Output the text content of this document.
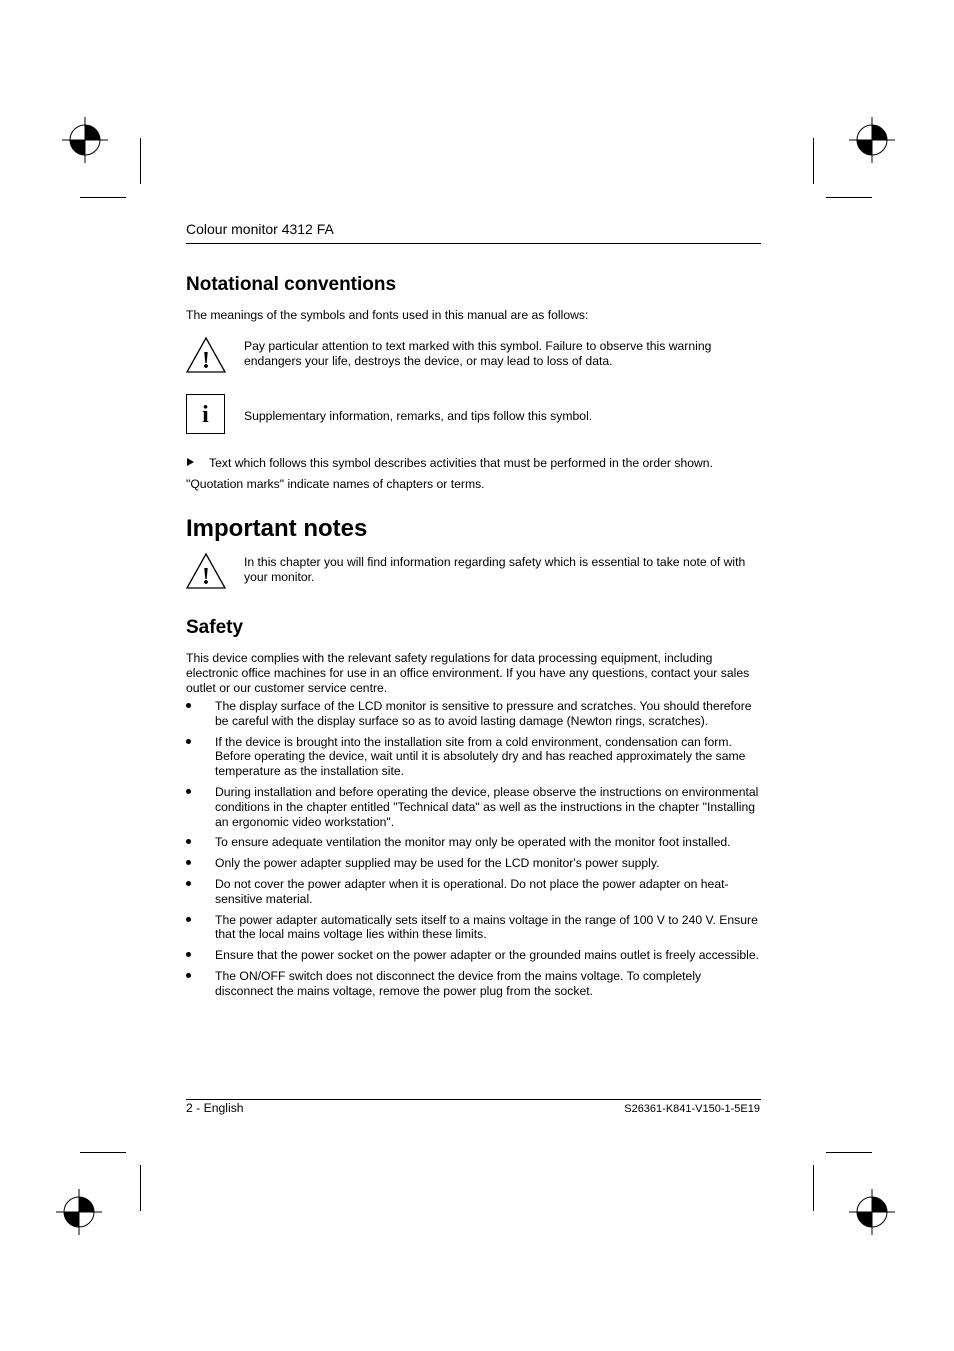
Colour monitor 4312 FA
Notational conventions
The meanings of the symbols and fonts used in this manual are as follows:
!
Pay particular attention to text marked with this symbol. Failure to observe this warning endangers your life, destroys the device, or may lead to loss of data.
i	Supplementary information, remarks, and tips follow this symbol.
Text which follows this symbol describes activities that must be performed in the order shown.
"Quotation marks" indicate names of chapters or terms.
Important notes
!
In this chapter you will find information regarding safety which is essential to take note of with your monitor.
Safety
This device complies with the relevant safety regulations for data processing equipment, including electronic office machines for use in an office environment. If you have any questions, contact your sales outlet or our customer service centre.
The display surface of the LCD monitor is sensitive to pressure and scratches. You should therefore be careful with the display surface so as to avoid lasting damage (Newton rings, scratches).
If the device is brought into the installation site from a cold environment, condensation can form. Before operating the device, wait until it is absolutely dry and has reached approximately the same temperature as the installation site.
During installation and before operating the device, please observe the instructions on environmental conditions in the chapter entitled "Technical data" as well as the instructions in the chapter "Installing an ergonomic video workstation".
To ensure adequate ventilation the monitor may only be operated with the monitor foot installed.
Only the power adapter supplied may be used for the LCD monitor's power supply.
Do not cover the power adapter when it is operational. Do not place the power adapter on heat-sensitive material.
The power adapter automatically sets itself to a mains voltage in the range of 100 V to 240 V. Ensure that the local mains voltage lies within these limits.
Ensure that the power socket on the power adapter or the grounded mains outlet is freely accessible.
The ON/OFF switch does not disconnect the device from the mains voltage. To completely disconnect the mains voltage, remove the power plug from the socket.
2 - English	S26361-K841-V150-1-5E19
